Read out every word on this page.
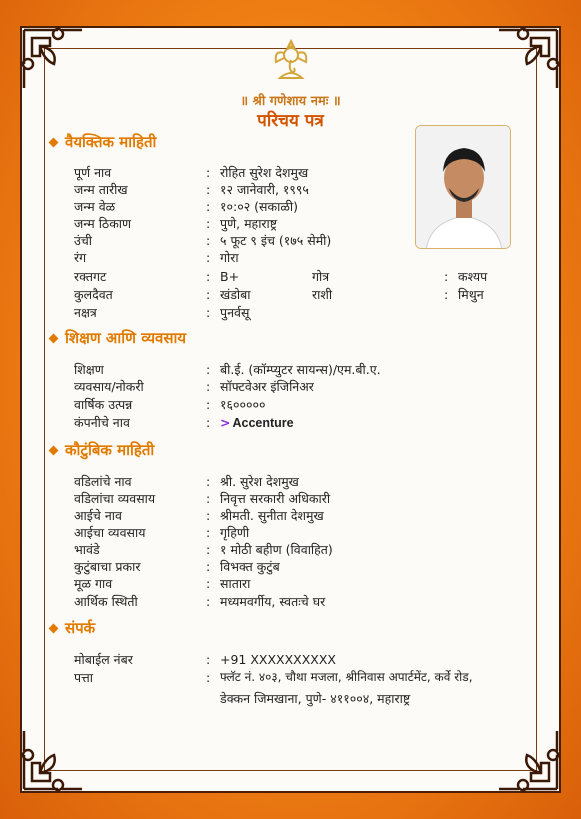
॥ श्री गणेशाय नमः ॥
परिचय पत्र
वैयक्तिक माहिती
पूर्ण नाव	: रोहित सुरेश देशमुख
जन्म तारीख	: १२ जानेवारी, १९९५
जन्म वेळ	: १०:०२ (सकाळी)
जन्म ठिकाण	: पुणे, महाराष्ट्र
उंची	: ५ फूट ९ इंच (१७५ सेमी)
रंग	: गोरा
रक्तगट	: B+	गोत्र	: कश्यप
कुलदैवत	: खंडोबा	राशी	: मिथुन
नक्षत्र	: पुनर्वसू
शिक्षण आणि व्यवसाय
शिक्षण	: बी.ई. (कॉम्प्युटर सायन्स)/एम.बी.ए.
व्यवसाय/नोकरी	: सॉफ्टवेअर इंजिनिअर
वार्षिक उत्पन्न	: १६०००००
कंपनीचे नाव	: > Accenture
कौटुंबिक माहिती
वडिलांचे नाव	: श्री. सुरेश देशमुख
वडिलांचा व्यवसाय	: निवृत्त सरकारी अधिकारी
आईचे नाव	: श्रीमती. सुनीता देशमुख
आईचा व्यवसाय	: गृहिणी
भावंडे	: १ मोठी बहीण (विवाहित)
कुटुंबाचा प्रकार	: विभक्त कुटुंब
मूळ गाव	: सातारा
आर्थिक स्थिती	: मध्यमवर्गीय, स्वतःचे घर
संपर्क
मोबाईल नंबर	: +91 XXXXXXXXXX
पत्ता	: फ्लॅट नं. ४०३, चौथा मजला, श्रीनिवास अपार्टमेंट, कर्वे रोड,
डेक्कन जिमखाना, पुणे- ४११००४, महाराष्ट्र
